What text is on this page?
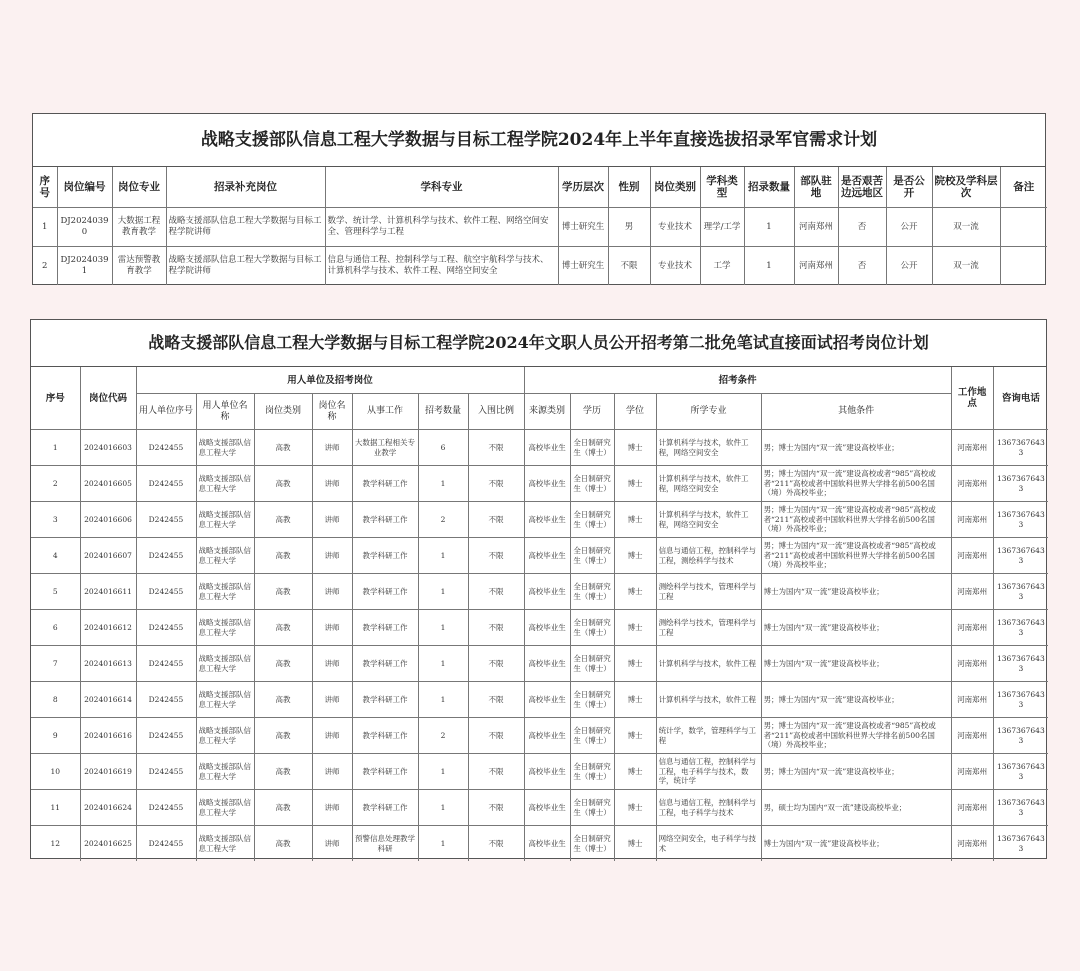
战略支援部队信息工程大学数据与目标工程学院2024年上半年直接选拔招录军官需求计划
序号	岗位编号	岗位专业	招录补充岗位	学科专业	学历层次	性别	岗位类别	学科类型	招录数量	部队驻地	是否艰苦边远地区	是否公开	院校及学科层次	备注
1	DJ20240390	大数据工程教育教学	战略支援部队信息工程大学数据与目标工程学院讲师	数学、统计学、计算机科学与技术、软件工程、网络空间安全、管理科学与工程	博士研究生	男	专业技术	理学/工学	1	河南郑州	否	公开	双一流	
2	DJ20240391	雷达预警教育教学	战略支援部队信息工程大学数据与目标工程学院讲师	信息与通信工程、控制科学与工程、航空宇航科学与技术、计算机科学与技术、软件工程、网络空间安全	博士研究生	不限	专业技术	工学	1	河南郑州	否	公开	双一流	
战略支援部队信息工程大学数据与目标工程学院2024年文职人员公开招考第二批免笔试直接面试招考岗位计划
序号	岗位代码	用人单位及招考岗位							招考条件					工作地点	咨询电话
		用人单位序号	用人单位名称	岗位类别	岗位名称	从事工作	招考数量	入围比例	来源类别	学历	学位	所学专业	其他条件		
1	2024016603	D242455	战略支援部队信息工程大学	高教	讲师	大数据工程相关专业教学	6	不限	高校毕业生	全日制研究生（博士）	博士	计算机科学与技术，软件工程，网络空间安全	男；博士为国内“双一流”建设高校毕业；	河南郑州	13673676433
2	2024016605	D242455	战略支援部队信息工程大学	高教	讲师	教学科研工作	1	不限	高校毕业生	全日制研究生（博士）	博士	计算机科学与技术，软件工程，网络空间安全	男；博士为国内“双一流”建设高校或者“985”高校或者“211”高校或者中国软科世界大学排名前500名国（境）外高校毕业；	河南郑州	13673676433
3	2024016606	D242455	战略支援部队信息工程大学	高教	讲师	教学科研工作	2	不限	高校毕业生	全日制研究生（博士）	博士	计算机科学与技术，软件工程，网络空间安全	男；博士为国内“双一流”建设高校或者“985”高校或者“211”高校或者中国软科世界大学排名前500名国（境）外高校毕业；	河南郑州	13673676433
4	2024016607	D242455	战略支援部队信息工程大学	高教	讲师	教学科研工作	1	不限	高校毕业生	全日制研究生（博士）	博士	信息与通信工程，控制科学与工程，测绘科学与技术	男；博士为国内“双一流”建设高校或者“985”高校或者“211”高校或者中国软科世界大学排名前500名国（境）外高校毕业；	河南郑州	13673676433
5	2024016611	D242455	战略支援部队信息工程大学	高教	讲师	教学科研工作	1	不限	高校毕业生	全日制研究生（博士）	博士	测绘科学与技术，管理科学与工程	博士为国内“双一流”建设高校毕业；	河南郑州	13673676433
6	2024016612	D242455	战略支援部队信息工程大学	高教	讲师	教学科研工作	1	不限	高校毕业生	全日制研究生（博士）	博士	测绘科学与技术，管理科学与工程	博士为国内“双一流”建设高校毕业；	河南郑州	13673676433
7	2024016613	D242455	战略支援部队信息工程大学	高教	讲师	教学科研工作	1	不限	高校毕业生	全日制研究生（博士）	博士	计算机科学与技术，软件工程	博士为国内“双一流”建设高校毕业；	河南郑州	13673676433
8	2024016614	D242455	战略支援部队信息工程大学	高教	讲师	教学科研工作	1	不限	高校毕业生	全日制研究生（博士）	博士	计算机科学与技术，软件工程	男；博士为国内“双一流”建设高校毕业；	河南郑州	13673676433
9	2024016616	D242455	战略支援部队信息工程大学	高教	讲师	教学科研工作	2	不限	高校毕业生	全日制研究生（博士）	博士	统计学，数学，管理科学与工程	男；博士为国内“双一流”建设高校或者“985”高校或者“211”高校或者中国软科世界大学排名前500名国（境）外高校毕业；	河南郑州	13673676433
10	2024016619	D242455	战略支援部队信息工程大学	高教	讲师	教学科研工作	1	不限	高校毕业生	全日制研究生（博士）	博士	信息与通信工程，控制科学与工程，电子科学与技术，数学，统计学	男；博士为国内“双一流”建设高校毕业；	河南郑州	13673676433
11	2024016624	D242455	战略支援部队信息工程大学	高教	讲师	教学科研工作	1	不限	高校毕业生	全日制研究生（博士）	博士	信息与通信工程，控制科学与工程，电子科学与技术	男，硕士均为国内“双一流”建设高校毕业；	河南郑州	13673676433
12	2024016625	D242455	战略支援部队信息工程大学	高教	讲师	预警信息处理教学科研	1	不限	高校毕业生	全日制研究生（博士）	博士	网络空间安全，电子科学与技术	博士为国内“双一流”建设高校毕业；	河南郑州	13673676433
